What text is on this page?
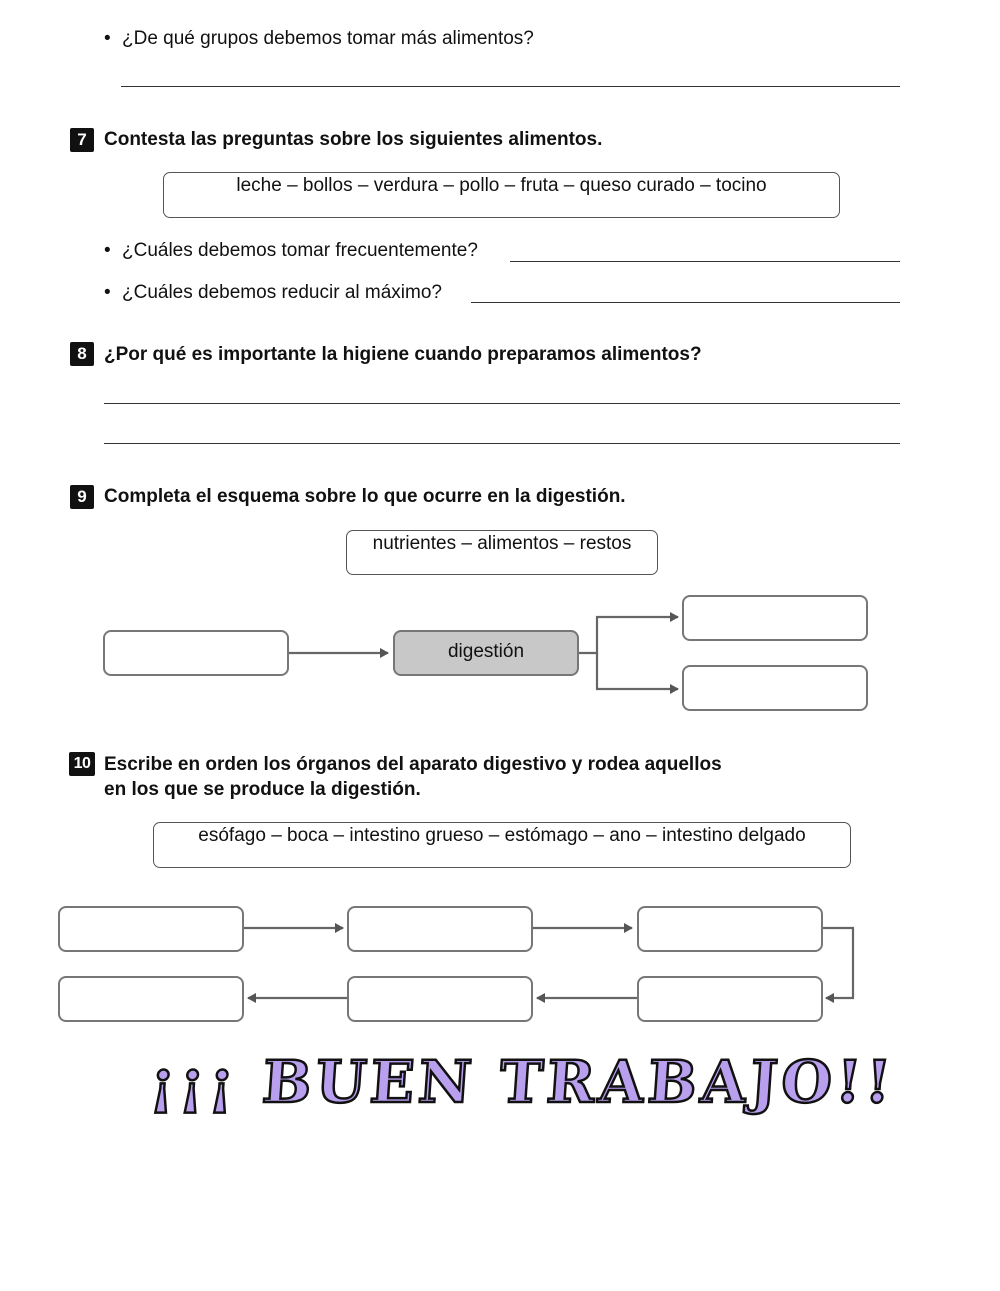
• ¿De qué grupos debemos tomar más alimentos?
7 Contesta las preguntas sobre los siguientes alimentos.
leche – bollos – verdura – pollo – fruta – queso curado – tocino
• ¿Cuáles debemos tomar frecuentemente?
• ¿Cuáles debemos reducir al máximo?
8 ¿Por qué es importante la higiene cuando preparamos alimentos?
9 Completa el esquema sobre lo que ocurre en la digestión.
nutrientes – alimentos – restos
digestión
10 Escribe en orden los órganos del aparato digestivo y rodea aquellos
en los que se produce la digestión.
esófago – boca – intestino grueso – estómago – ano – intestino delgado
¡¡¡ BUEN TRABAJO!!
